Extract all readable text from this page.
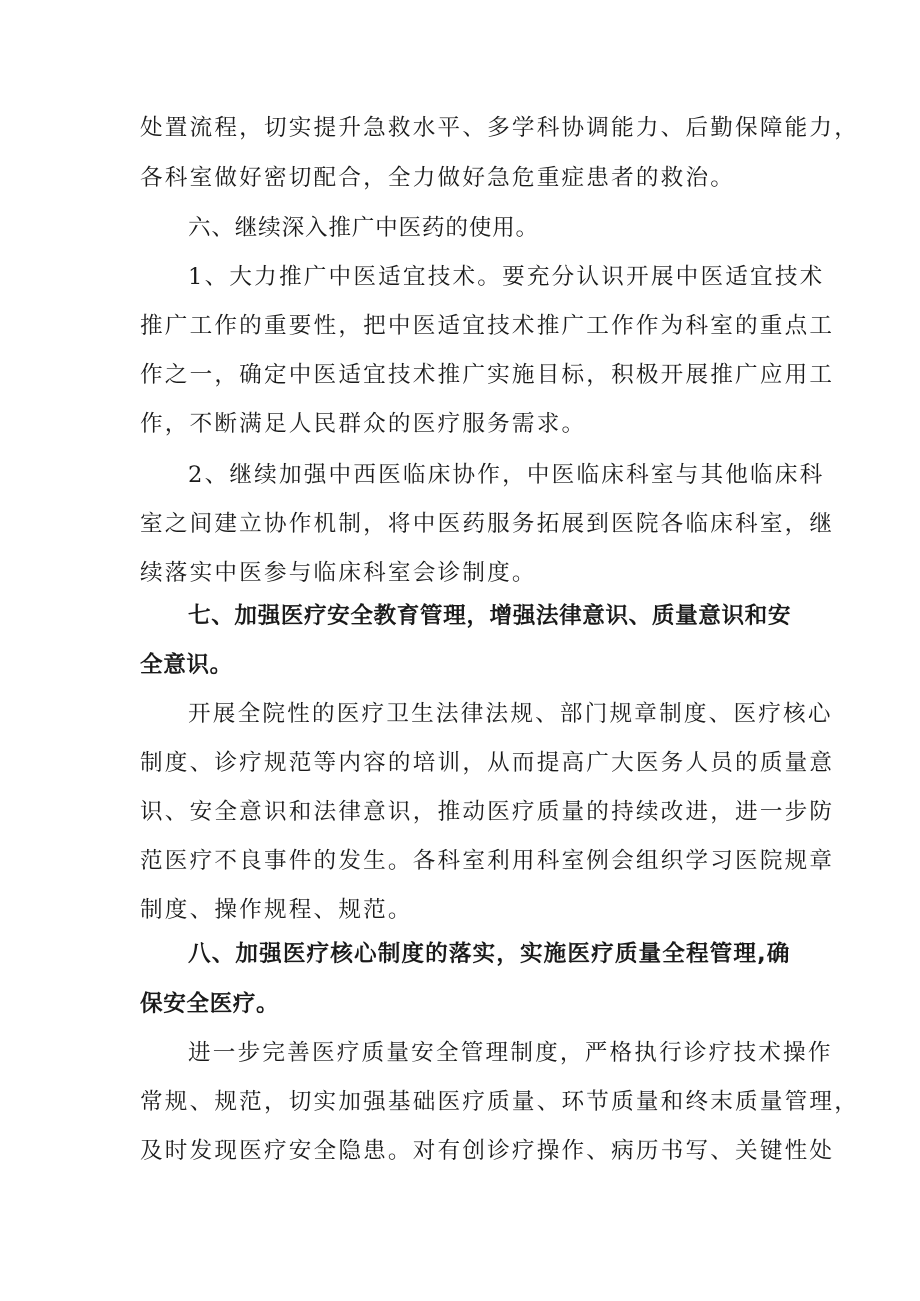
处置流程，切实提升急救水平、多学科协调能力、后勤保障能力，
各科室做好密切配合，全力做好急危重症患者的救治。
六、继续深入推广中医药的使用。
1、大力推广中医适宜技术。要充分认识开展中医适宜技术
推广工作的重要性，把中医适宜技术推广工作作为科室的重点工
作之一，确定中医适宜技术推广实施目标，积极开展推广应用工
作，不断满足人民群众的医疗服务需求。
2、继续加强中西医临床协作，中医临床科室与其他临床科
室之间建立协作机制，将中医药服务拓展到医院各临床科室，继
续落实中医参与临床科室会诊制度。
七、加强医疗安全教育管理，增强法律意识、质量意识和安
全意识。
开展全院性的医疗卫生法律法规、部门规章制度、医疗核心
制度、诊疗规范等内容的培训，从而提高广大医务人员的质量意
识、安全意识和法律意识，推动医疗质量的持续改进，进一步防
范医疗不良事件的发生。各科室利用科室例会组织学习医院规章
制度、操作规程、规范。
八、加强医疗核心制度的落实，实施医疗质量全程管理,确
保安全医疗。
进一步完善医疗质量安全管理制度，严格执行诊疗技术操作
常规、规范，切实加强基础医疗质量、环节质量和终末质量管理，
及时发现医疗安全隐患。对有创诊疗操作、病历书写、关键性处
